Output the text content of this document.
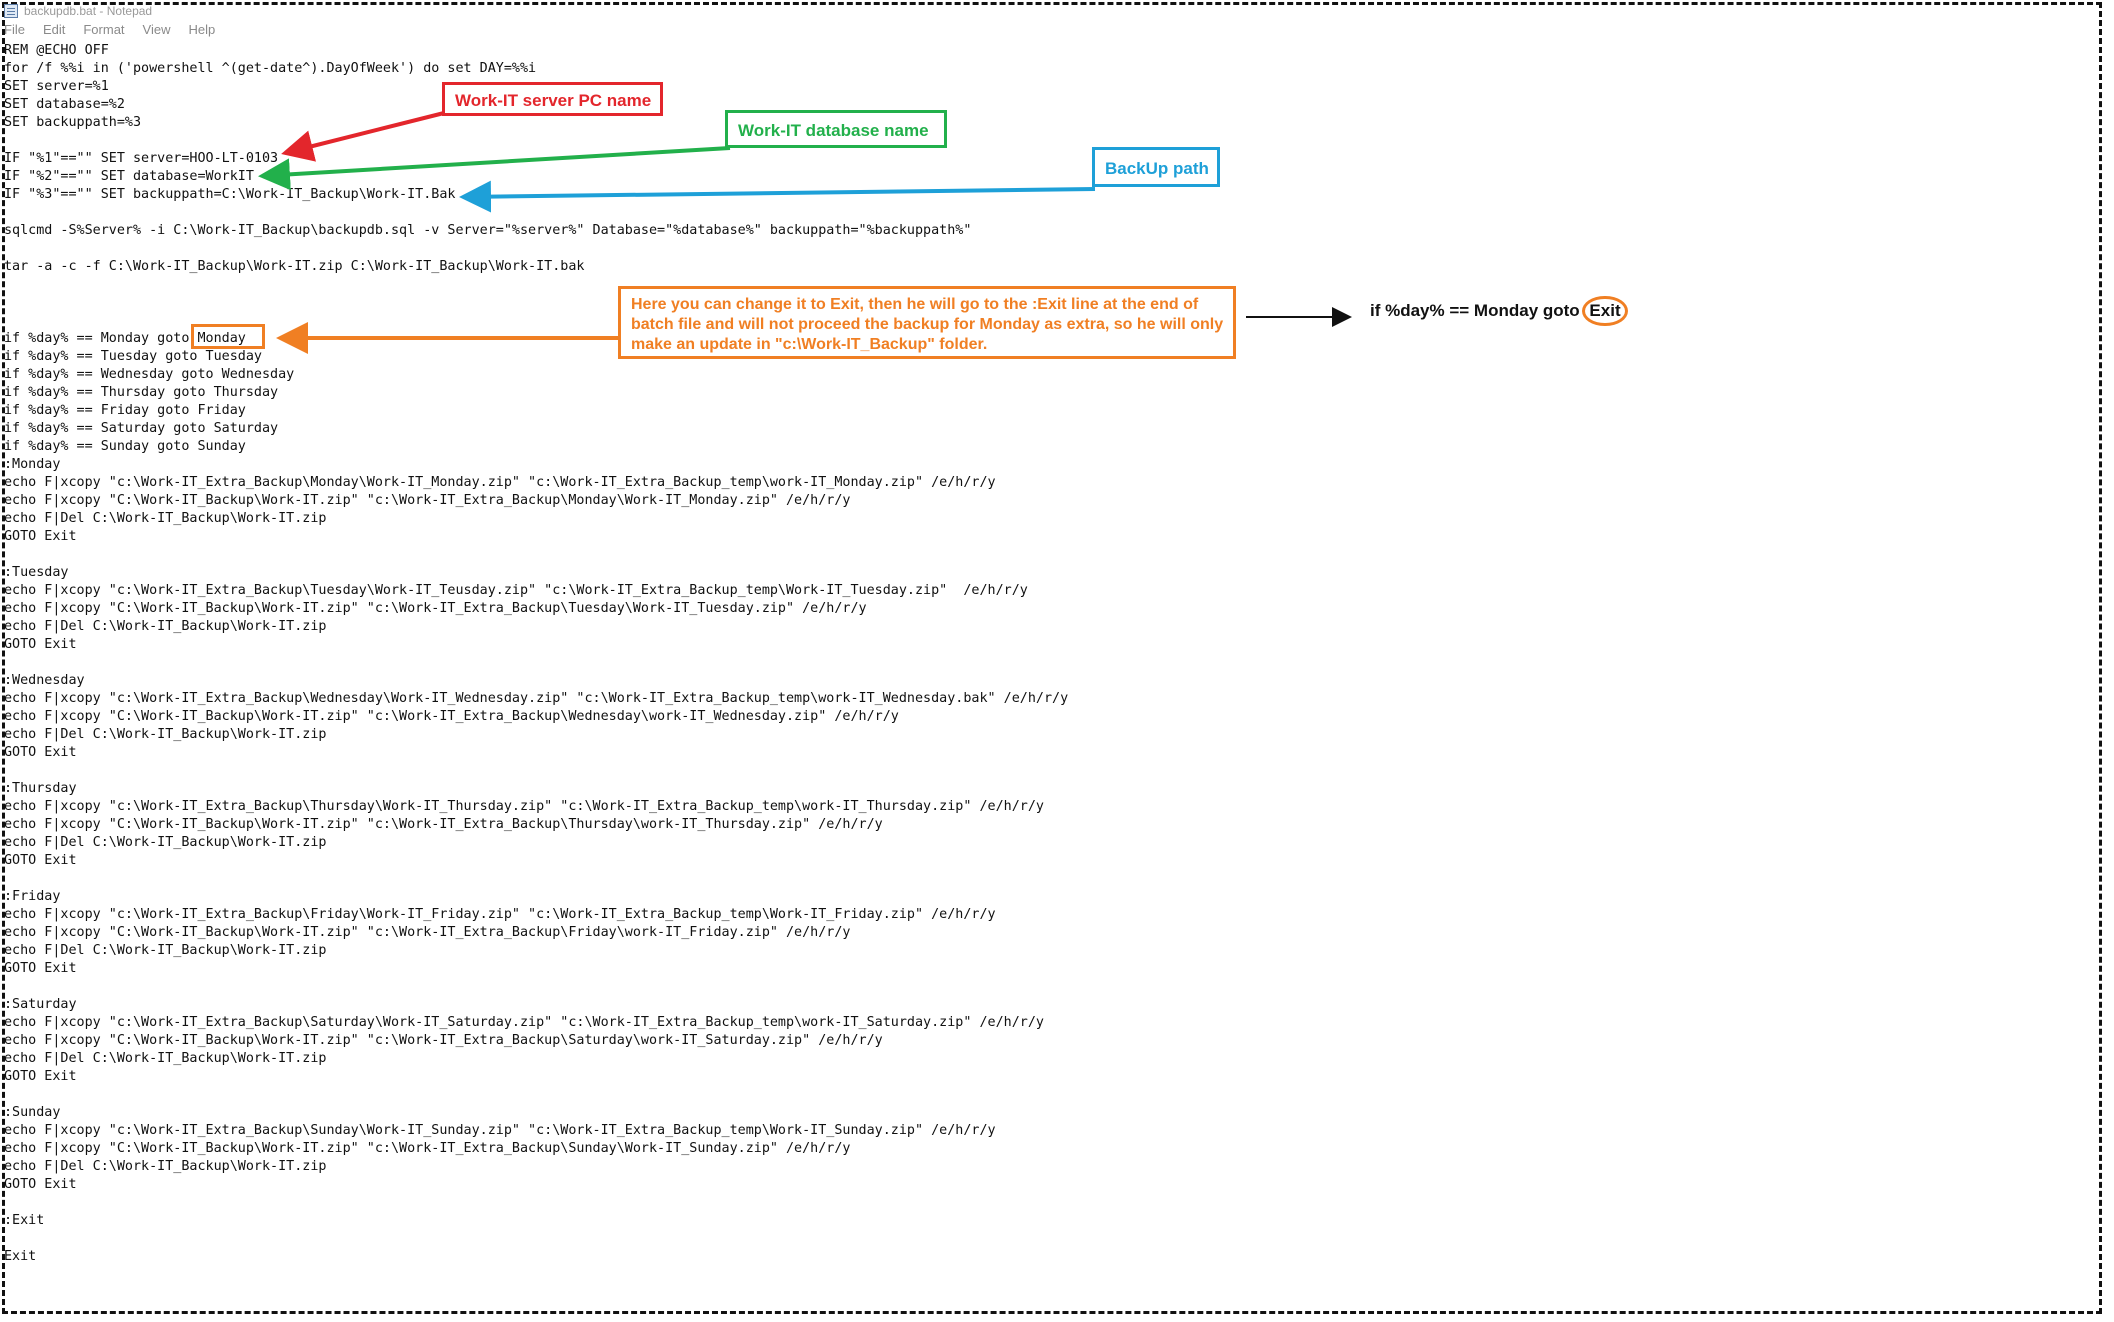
backupdb.bat - Notepad
File Edit Format View Help
REM @ECHO OFF
for /f %%i in ('powershell ^(get-date^).DayOfWeek') do set DAY=%%i
SET server=%1
SET database=%2
SET backuppath=%3
IF "%1"=="" SET server=HOO-LT-0103
IF "%2"=="" SET database=WorkIT
IF "%3"=="" SET backuppath=C:\Work-IT_Backup\Work-IT.Bak
sqlcmd -S%Server% -i C:\Work-IT_Backup\backupdb.sql -v Server="%server%" Database="%database%" backuppath="%backuppath%"
tar -a -c -f C:\Work-IT_Backup\Work-IT.zip C:\Work-IT_Backup\Work-IT.bak
if %day% == Monday goto Monday
if %day% == Tuesday goto Tuesday
if %day% == Wednesday goto Wednesday
if %day% == Thursday goto Thursday
if %day% == Friday goto Friday
if %day% == Saturday goto Saturday
if %day% == Sunday goto Sunday
:Monday
echo F|xcopy "c:\Work-IT_Extra_Backup\Monday\Work-IT_Monday.zip" "c:\Work-IT_Extra_Backup_temp\work-IT_Monday.zip" /e/h/r/y
echo F|xcopy "C:\Work-IT_Backup\Work-IT.zip" "c:\Work-IT_Extra_Backup\Monday\Work-IT_Monday.zip" /e/h/r/y
echo F|Del C:\Work-IT_Backup\Work-IT.zip
GOTO Exit
:Tuesday
echo F|xcopy "c:\Work-IT_Extra_Backup\Tuesday\Work-IT_Teusday.zip" "c:\Work-IT_Extra_Backup_temp\Work-IT_Tuesday.zip"  /e/h/r/y
echo F|xcopy "C:\Work-IT_Backup\Work-IT.zip" "c:\Work-IT_Extra_Backup\Tuesday\Work-IT_Tuesday.zip" /e/h/r/y
echo F|Del C:\Work-IT_Backup\Work-IT.zip
GOTO Exit
:Wednesday
echo F|xcopy "c:\Work-IT_Extra_Backup\Wednesday\Work-IT_Wednesday.zip" "c:\Work-IT_Extra_Backup_temp\work-IT_Wednesday.bak" /e/h/r/y
echo F|xcopy "C:\Work-IT_Backup\Work-IT.zip" "c:\Work-IT_Extra_Backup\Wednesday\work-IT_Wednesday.zip" /e/h/r/y
echo F|Del C:\Work-IT_Backup\Work-IT.zip
GOTO Exit
:Thursday
echo F|xcopy "c:\Work-IT_Extra_Backup\Thursday\Work-IT_Thursday.zip" "c:\Work-IT_Extra_Backup_temp\work-IT_Thursday.zip" /e/h/r/y
echo F|xcopy "C:\Work-IT_Backup\Work-IT.zip" "c:\Work-IT_Extra_Backup\Thursday\work-IT_Thursday.zip" /e/h/r/y
echo F|Del C:\Work-IT_Backup\Work-IT.zip
GOTO Exit
:Friday
echo F|xcopy "c:\Work-IT_Extra_Backup\Friday\Work-IT_Friday.zip" "c:\Work-IT_Extra_Backup_temp\Work-IT_Friday.zip" /e/h/r/y
echo F|xcopy "C:\Work-IT_Backup\Work-IT.zip" "c:\Work-IT_Extra_Backup\Friday\work-IT_Friday.zip" /e/h/r/y
echo F|Del C:\Work-IT_Backup\Work-IT.zip
GOTO Exit
:Saturday
echo F|xcopy "c:\Work-IT_Extra_Backup\Saturday\Work-IT_Saturday.zip" "c:\Work-IT_Extra_Backup_temp\work-IT_Saturday.zip" /e/h/r/y
echo F|xcopy "C:\Work-IT_Backup\Work-IT.zip" "c:\Work-IT_Extra_Backup\Saturday\work-IT_Saturday.zip" /e/h/r/y
echo F|Del C:\Work-IT_Backup\Work-IT.zip
GOTO Exit
:Sunday
echo F|xcopy "c:\Work-IT_Extra_Backup\Sunday\Work-IT_Sunday.zip" "c:\Work-IT_Extra_Backup_temp\Work-IT_Sunday.zip" /e/h/r/y
echo F|xcopy "C:\Work-IT_Backup\Work-IT.zip" "c:\Work-IT_Extra_Backup\Sunday\Work-IT_Sunday.zip" /e/h/r/y
echo F|Del C:\Work-IT_Backup\Work-IT.zip
GOTO Exit
:Exit
Exit
Work-IT server PC name
Work-IT database name
BackUp path
Here you can change it to Exit, then he will go to the :Exit line at the end of batch file and will not proceed the backup for Monday as extra, so he will only make an update in "c:\Work-IT_Backup" folder.
if %day% == Monday goto Exit
